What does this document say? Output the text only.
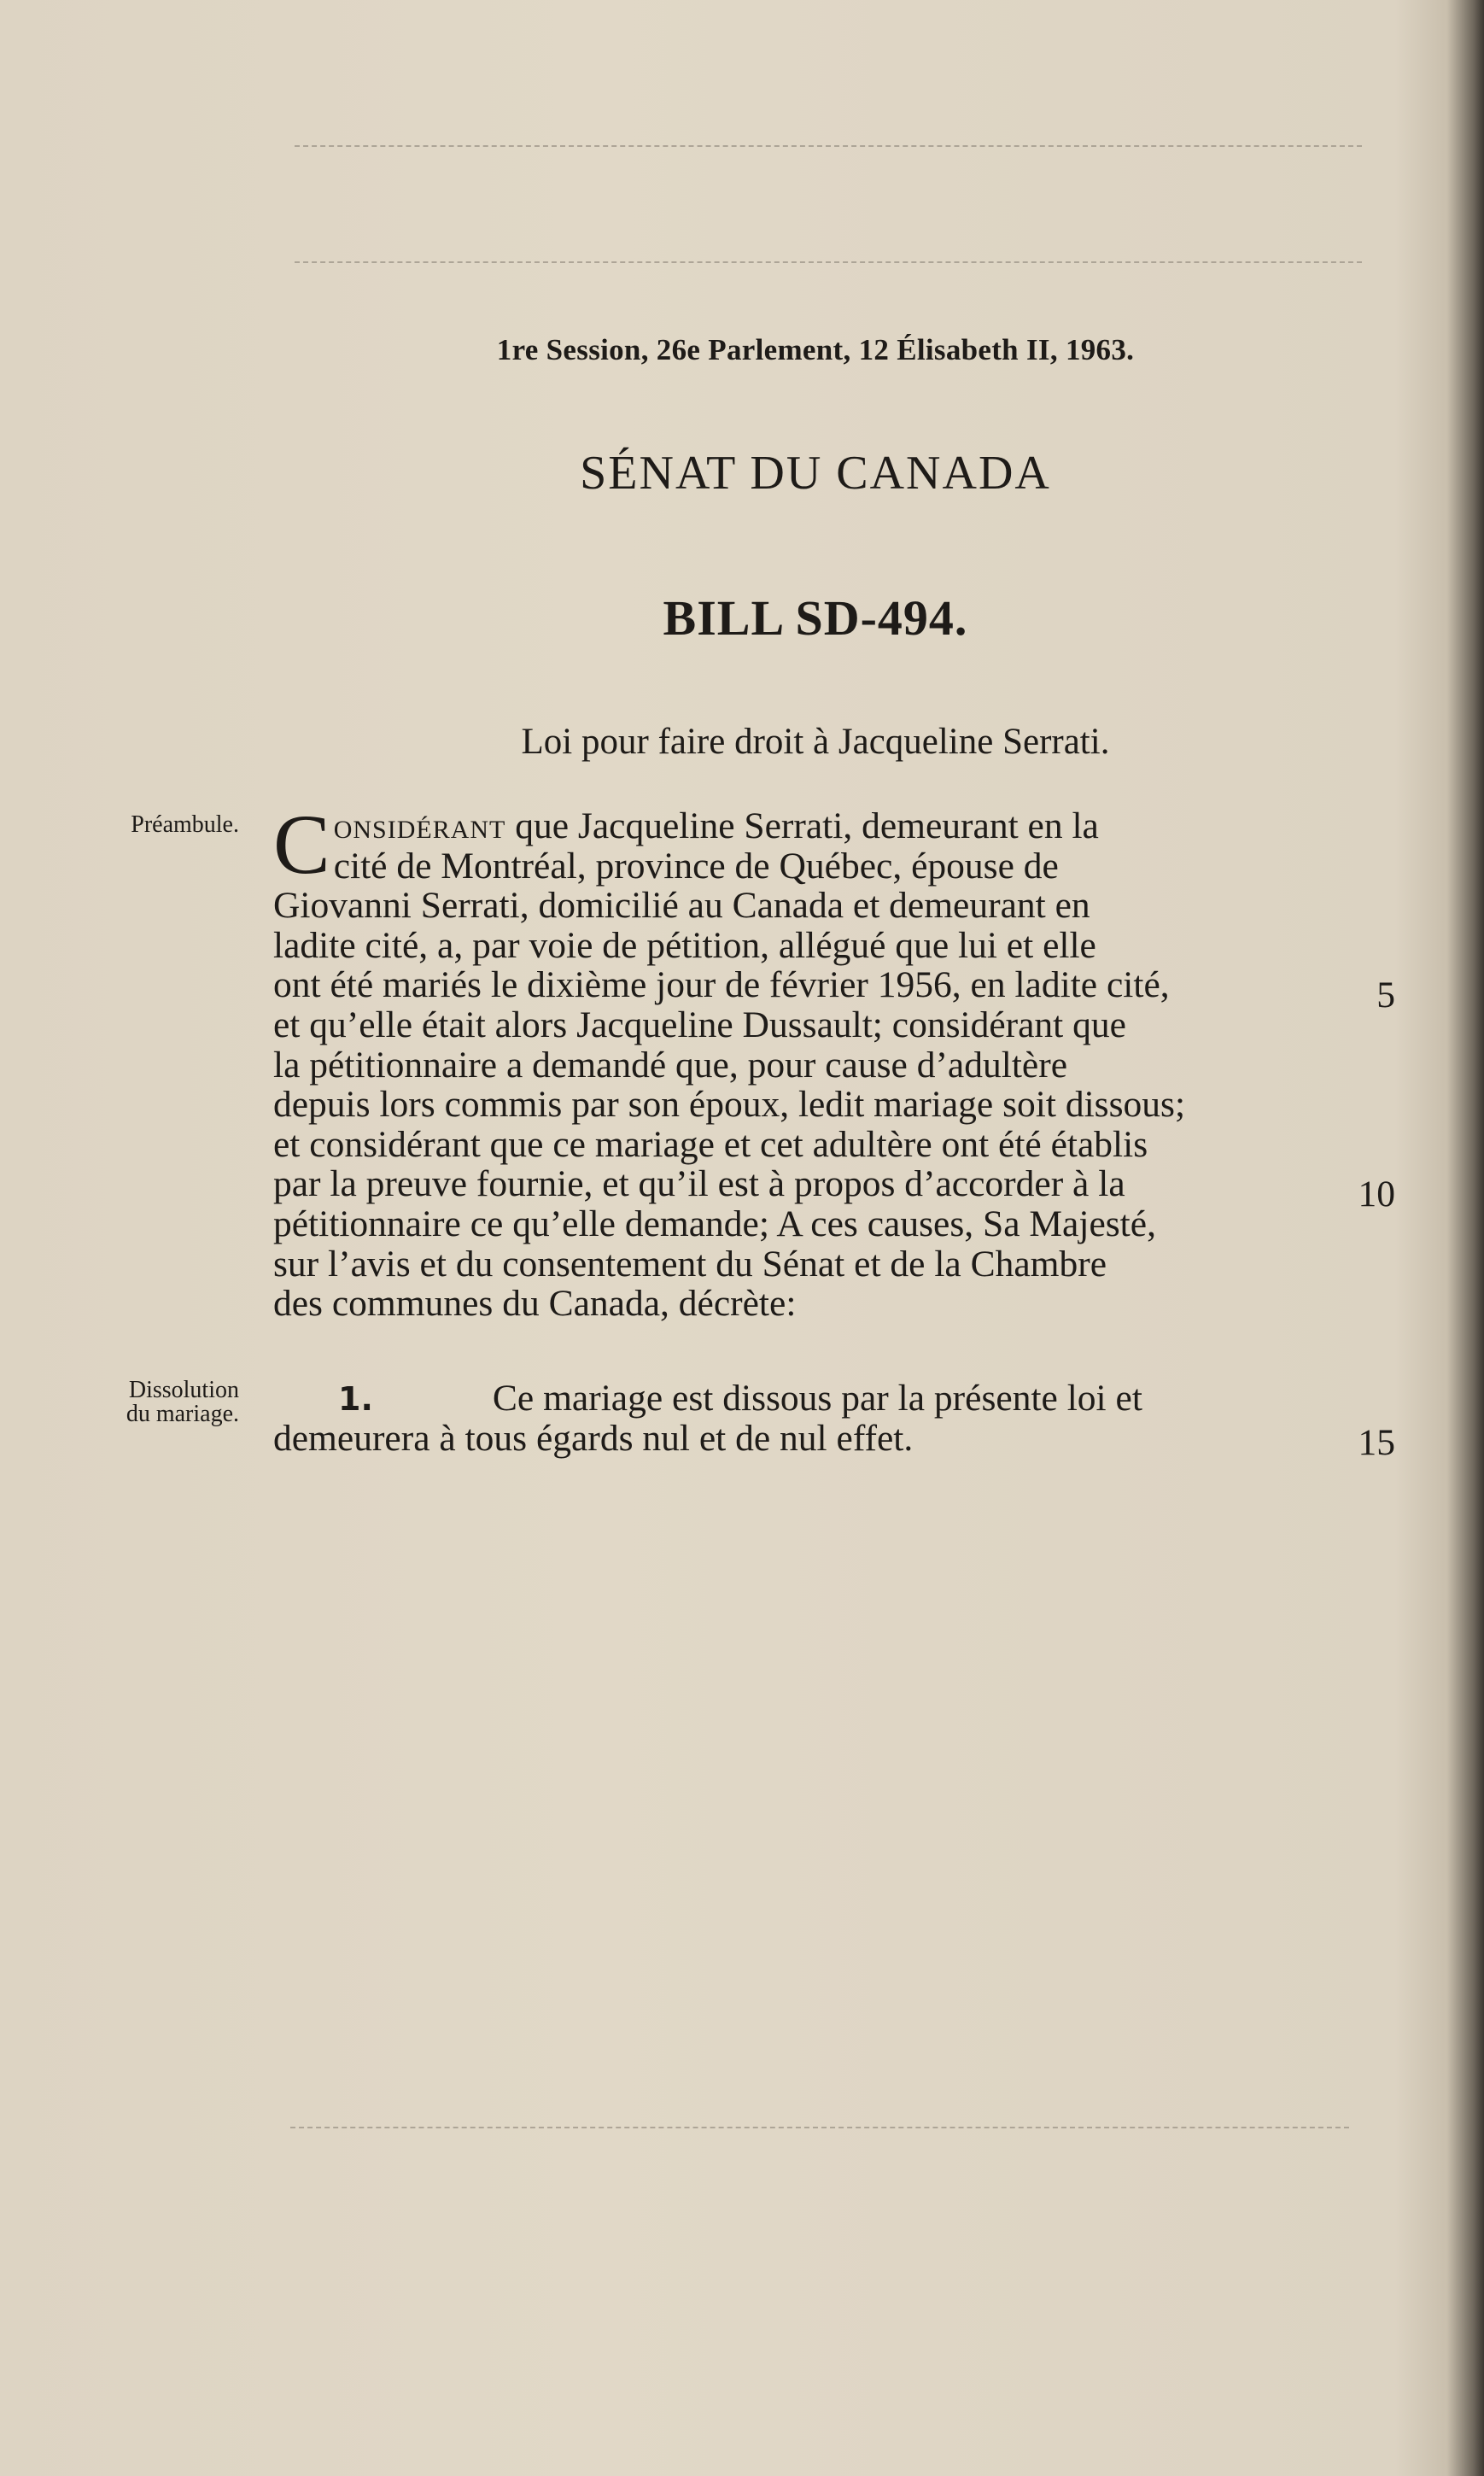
1re Session, 26e Parlement, 12 Élisabeth II, 1963.
SÉNAT DU CANADA
BILL SD-494.
Loi pour faire droit à Jacqueline Serrati.
Préambule. C onsidérant que Jacqueline Serrati, demeurant en la
cité de Montréal, province de Québec, épouse de
Giovanni Serrati, domicilié au Canada et demeurant en
ladite cité, a, par voie de pétition, allégué que lui et elle
ont été mariés le dixième jour de février 1956, en ladite cité,
et qu’elle était alors Jacqueline Dussault; considérant que
la pétitionnaire a demandé que, pour cause d’adultère
depuis lors commis par son époux, ledit mariage soit dissous;
et considérant que ce mariage et cet adultère ont été établis
par la preuve fournie, et qu’il est à propos d’accorder à la
pétitionnaire ce qu’elle demande; A ces causes, Sa Majesté,
sur l’avis et du consentement du Sénat et de la Chambre
des communes du Canada, décrète:
5
10
Dissolution
du mariage.	1.	Ce mariage est dissous par la présente loi et
demeurera à tous égards nul et de nul effet.	15
